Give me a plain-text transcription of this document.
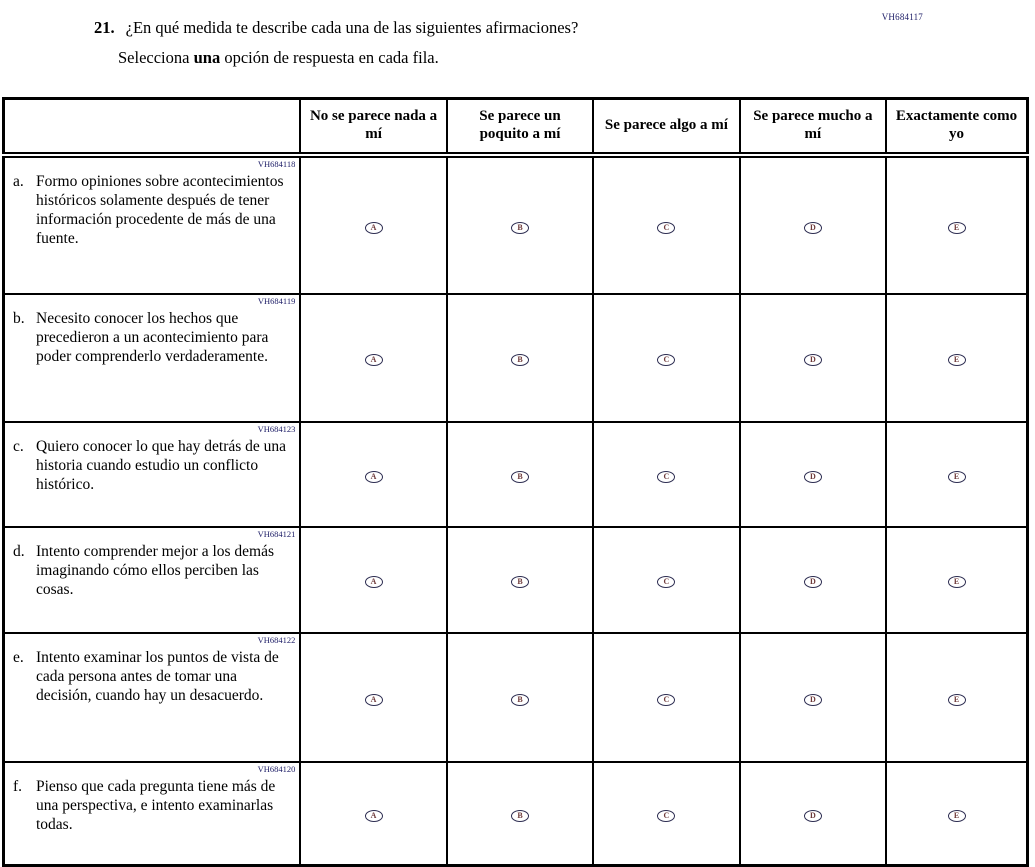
VH684117
21. ¿En qué medida te describe cada una de las siguientes afirmaciones?
Selecciona una opción de respuesta en cada fila.
	No se parece nada a mí	Se parece un poquito a mí	Se parece algo a mí	Se parece mucho a mí	Exactamente como yo

VH684118
a. Formo opiniones sobre acontecimientos históricos solamente después de tener información procedente de más de una fuente.	A	B	C	D	E

VH684119
b. Necesito conocer los hechos que precedieron a un acontecimiento para poder comprenderlo verdaderamente.	A	B	C	D	E

VH684123
c. Quiero conocer lo que hay detrás de una historia cuando estudio un conflicto histórico.	A	B	C	D	E

VH684121
d. Intento comprender mejor a los demás imaginando cómo ellos perciben las cosas.	A	B	C	D	E

VH684122
e. Intento examinar los puntos de vista de cada persona antes de tomar una decisión, cuando hay un desacuerdo.	A	B	C	D	E

VH684120
f. Pienso que cada pregunta tiene más de una perspectiva, e intento examinarlas todas.	A	B	C	D	E
